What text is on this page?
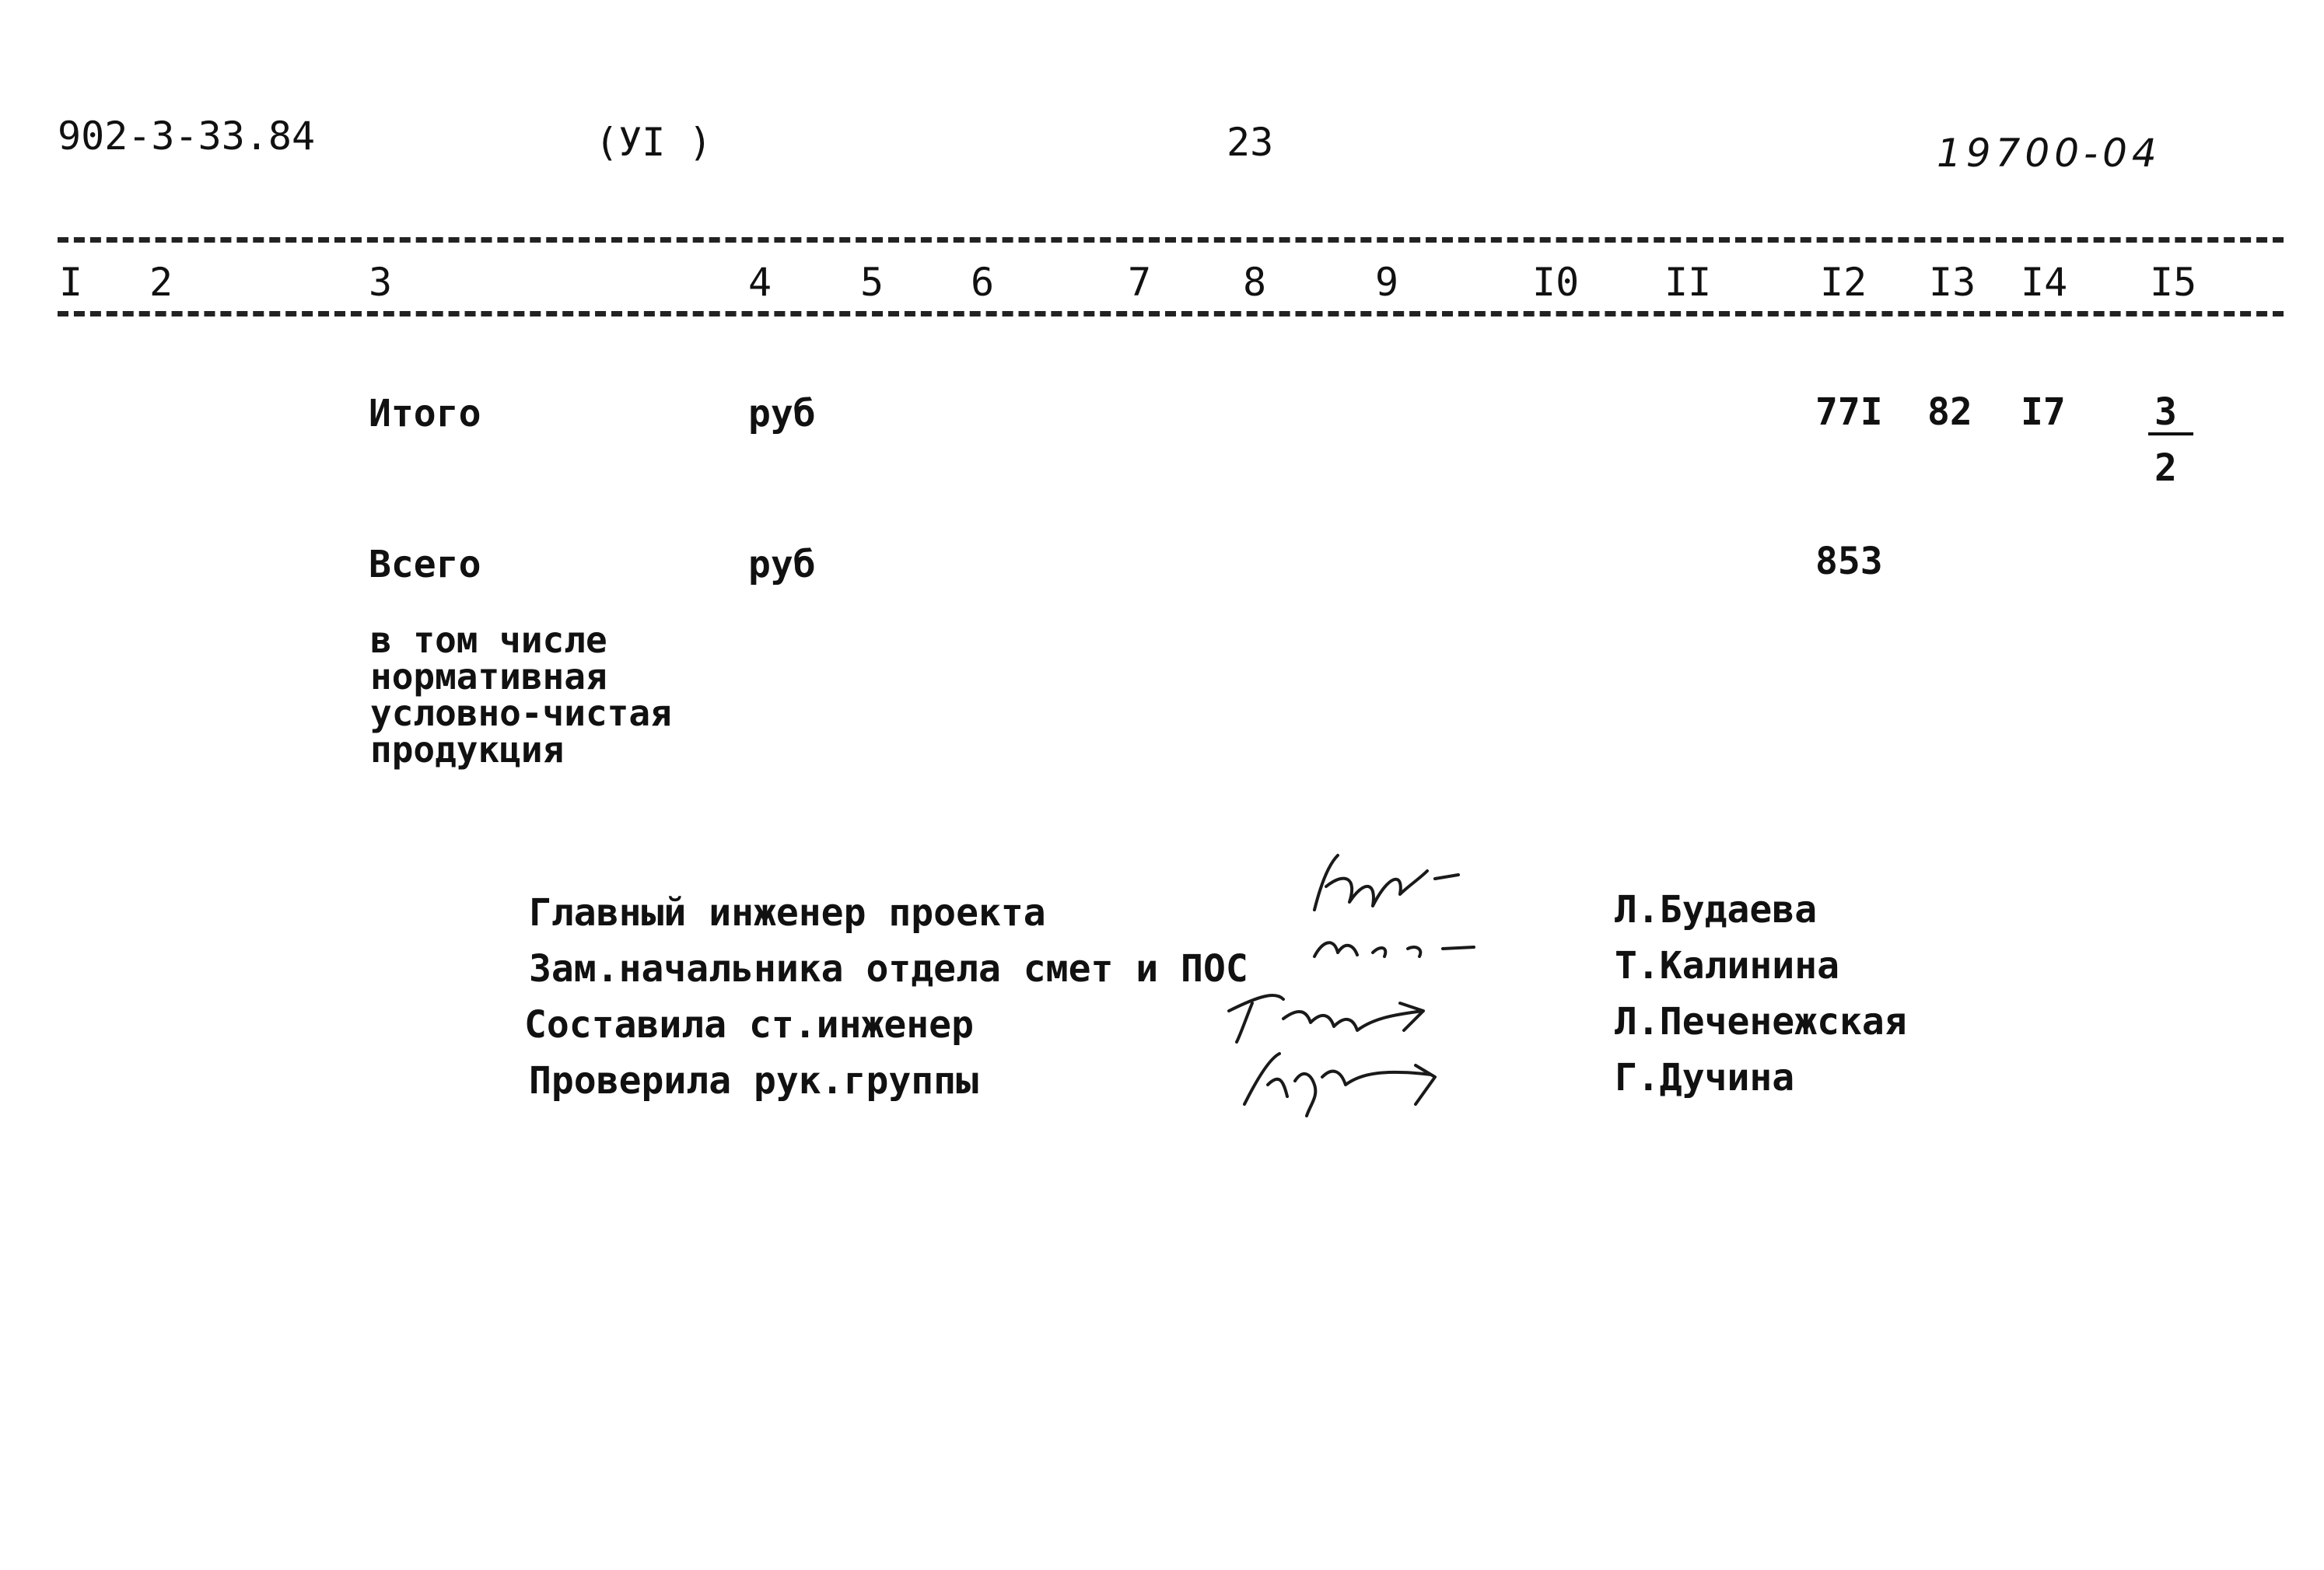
902-3-33.84	(УI )	23	19700-04
I 2	3	4 5 6	7 8	9	I0 II	I2 I3 I4 I5
Итого	руб	77I 82 I7 3
2
Всего	руб	853
в том числе
нормативная
условно-чистая
продукция
Главный инженер проекта	Л.Будаева
Зам.начальника отдела смет и ПОС	Т.Калинина
Составила ст.инженер	Л.Печенежская
Проверила рук.группы	Г.Дучина
